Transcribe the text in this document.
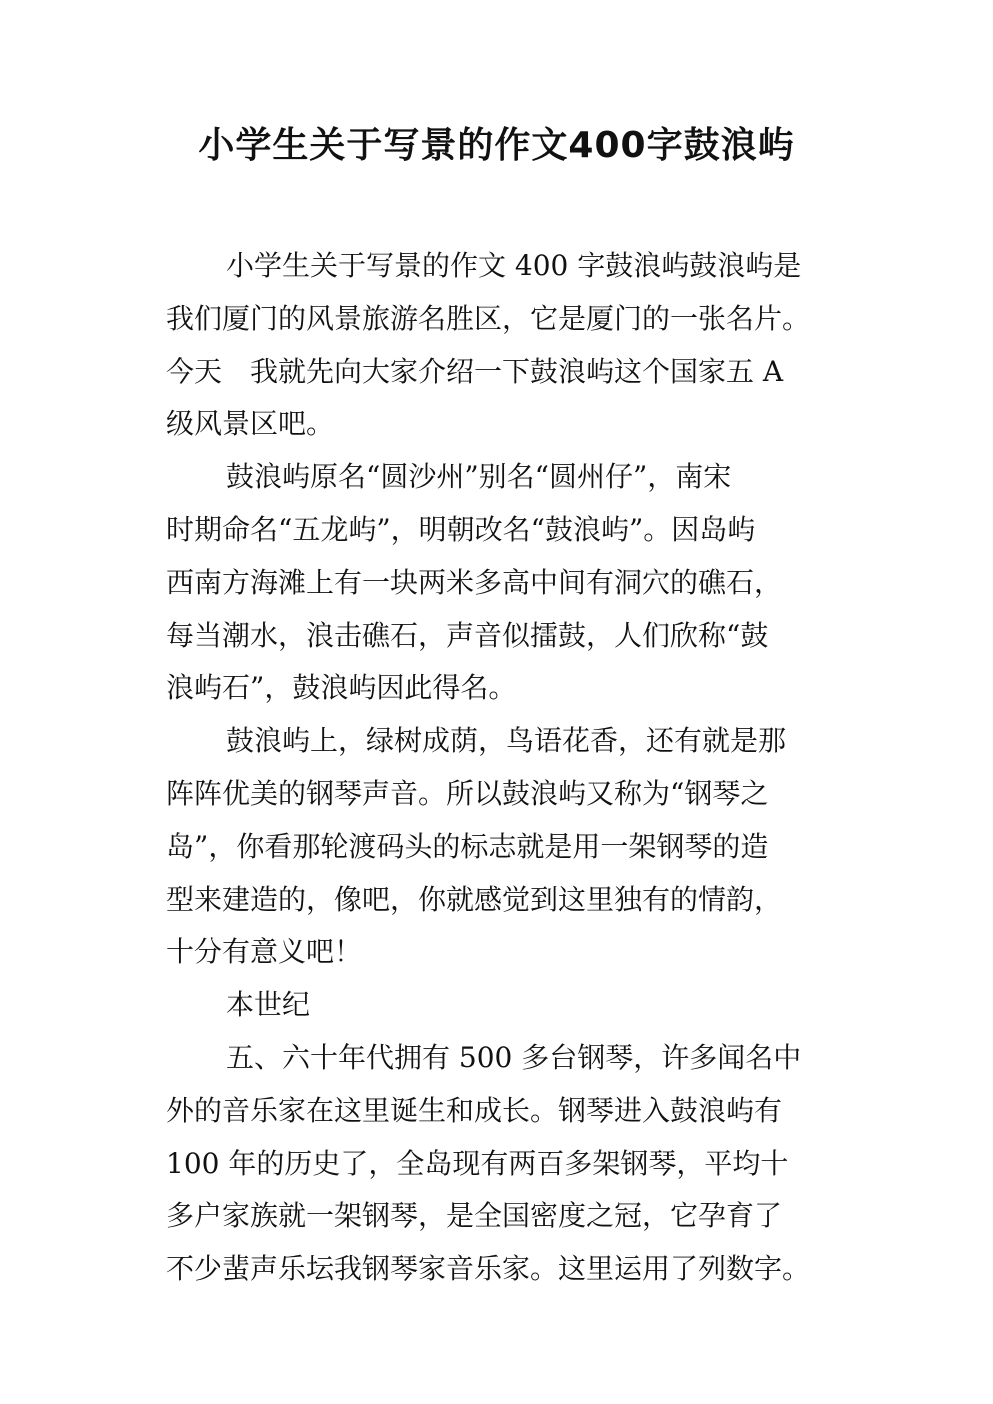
小学生关于写景的作文400字鼓浪屿
小学生关于写景的作文 400 字鼓浪屿鼓浪屿是
我们厦门的风景旅游名胜区，它是厦门的一张名片。
今天　我就先向大家介绍一下鼓浪屿这个国家五 A
级风景区吧。
鼓浪屿原名“圆沙州”别名“圆州仔”，南宋
时期命名“五龙屿”，明朝改名“鼓浪屿”。因岛屿
西南方海滩上有一块两米多高中间有洞穴的礁石，
每当潮水，浪击礁石，声音似擂鼓，人们欣称“鼓
浪屿石”，鼓浪屿因此得名。
鼓浪屿上，绿树成荫，鸟语花香，还有就是那
阵阵优美的钢琴声音。所以鼓浪屿又称为“钢琴之
岛”，你看那轮渡码头的标志就是用一架钢琴的造
型来建造的，像吧，你就感觉到这里独有的情韵，
十分有意义吧！
本世纪
五、六十年代拥有 500 多台钢琴，许多闻名中
外的音乐家在这里诞生和成长。钢琴进入鼓浪屿有
100 年的历史了，全岛现有两百多架钢琴，平均十
多户家族就一架钢琴，是全国密度之冠，它孕育了
不少蜚声乐坛我钢琴家音乐家。这里运用了列数字。
